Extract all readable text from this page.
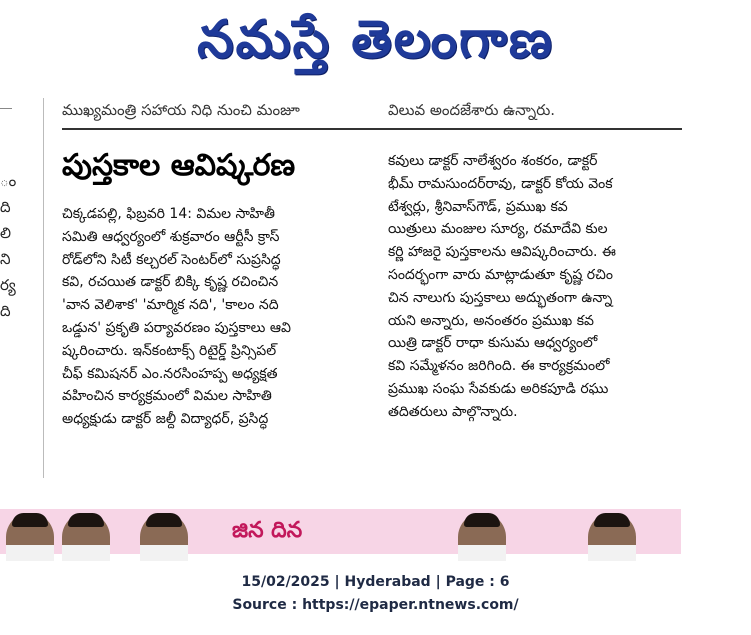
నమస్తే తెలంగాణ
ం
ది
లి
ని
ర్య
ది
ముఖ్యమంత్రి సహాయ నిధి నుంచి మంజూ	విలువ అందజేశారు ఉన్నారు.
పుస్తకాల ఆవిష్కరణ
చిక్కడపల్లి, ఫిబ్రవరి 14: విమల సాహితీ
సమితి ఆధ్వర్యంలో శుక్రవారం ఆర్టీసీ క్రాస్
రోడ్‌లోని సిటీ కల్చరల్ సెంటర్‌లో సుప్రసిద్ధ
కవి, రచయిత డాక్టర్ బిక్కి కృష్ణ రచించిన
'వాన వెలిశాక' 'మార్మిక నది', 'కాలం నది
ఒడ్డున' ప్రకృతి పర్యావరణం పుస్తకాలు ఆవి
ష్కరించారు. ఇన్‌కంటాక్స్ రిటైర్డ్ ప్రిన్సిపల్
చీఫ్ కమిషనర్ ఎం.నరసింహప్ప అధ్యక్షత
వహించిన కార్యక్రమంలో విమల సాహితి
అధ్యక్షుడు డాక్టర్ జల్దీ విద్యాధర్, ప్రసిద్ధ
కవులు డాక్టర్ నాలేశ్వరం శంకరం, డాక్టర్
భీమ్ రామసుందర్‌రావు, డాక్టర్ కోయ వెంక
టేశ్వర్లు, శ్రీనివాస్‌గౌడ్, ప్రముఖ కవ
యిత్రులు మంజుల సూర్య, రమాదేవి కుల
కర్ణి హాజరై పుస్తకాలను ఆవిష్కరించారు. ఈ
సందర్భంగా వారు మాట్లాడుతూ కృష్ణ రచిం
చిన నాలుగు పుస్తకాలు అద్భుతంగా ఉన్నా
యని అన్నారు, అనంతరం ప్రముఖ కవ
యిత్రి డాక్టర్ రాధా కుసుమ ఆధ్వర్యంలో
కవి సమ్మేళనం జరిగింది. ఈ కార్యక్రమంలో
ప్రముఖ సంఘ సేవకుడు అరికపూడి రఘు
తదితరులు పాల్గొన్నారు.
జిన దిన
15/02/2025 | Hyderabad | Page : 6
Source : https://epaper.ntnews.com/
